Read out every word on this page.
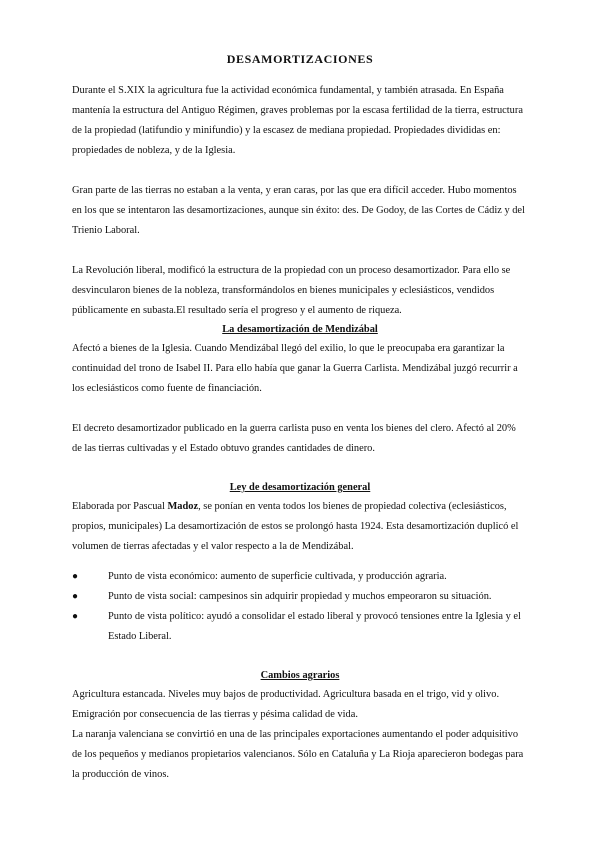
DESAMORTIZACIONES

Durante el S.XIX la agricultura fue la actividad económica fundamental, y también atrasada. En España mantenía la estructura del Antiguo Régimen, graves problemas por la escasa fertilidad de la tierra, estructura de la propiedad (latifundio y minifundio) y la escasez de mediana propiedad. Propiedades divididas en: propiedades de nobleza, y de la Iglesia.

Gran parte de las tierras no estaban a la venta, y eran caras, por las que era difícil acceder. Hubo momentos en los que se intentaron las desamortizaciones, aunque sin éxito: des. De Godoy, de las Cortes de Cádiz y del Trienio Laboral.

La Revolución liberal, modificó la estructura de la propiedad con un proceso desamortizador. Para ello se desvincularon bienes de la nobleza, transformándolos en bienes municipales y eclesiásticos, vendidos públicamente en subasta.El resultado sería el progreso y el aumento de riqueza.

La desamortización de Mendizábal

Afectó a bienes de la Iglesia. Cuando Mendizábal llegó del exilio, lo que le preocupaba era garantizar la continuidad del trono de Isabel II. Para ello había que ganar la Guerra Carlista. Mendizábal juzgó recurrir a los eclesiásticos como fuente de financiación.

El decreto desamortizador publicado en la guerra carlista puso en venta los bienes del clero. Afectó al 20% de las tierras cultivadas y el Estado obtuvo grandes cantidades de dinero.

Ley de desamortización general

Elaborada por Pascual Madoz, se ponían en venta todos los bienes de propiedad colectiva (eclesiásticos, propios, municipales) La desamortización de estos se prolongó hasta 1924. Esta desamortización duplicó el volumen de tierras afectadas y el valor respecto a la de Mendizábal.

●	Punto de vista económico: aumento de superficie cultivada, y producción agraria.
●	Punto de vista social: campesinos sin adquirir propiedad y muchos empeoraron su situación.
●	Punto de vista político: ayudó a consolidar el estado liberal y provocó tensiones entre la Iglesia y el Estado Liberal.
Cambios agrarios

Agricultura estancada. Niveles muy bajos de productividad. Agricultura basada en el trigo, vid y olivo.

Emigración por consecuencia de las tierras y pésima calidad de vida.

La naranja valenciana se convirtió en una de las principales exportaciones aumentando el poder adquisitivo de los pequeños y medianos propietarios valencianos. Sólo en Cataluña y La Rioja aparecieron bodegas para la producción de vinos.
